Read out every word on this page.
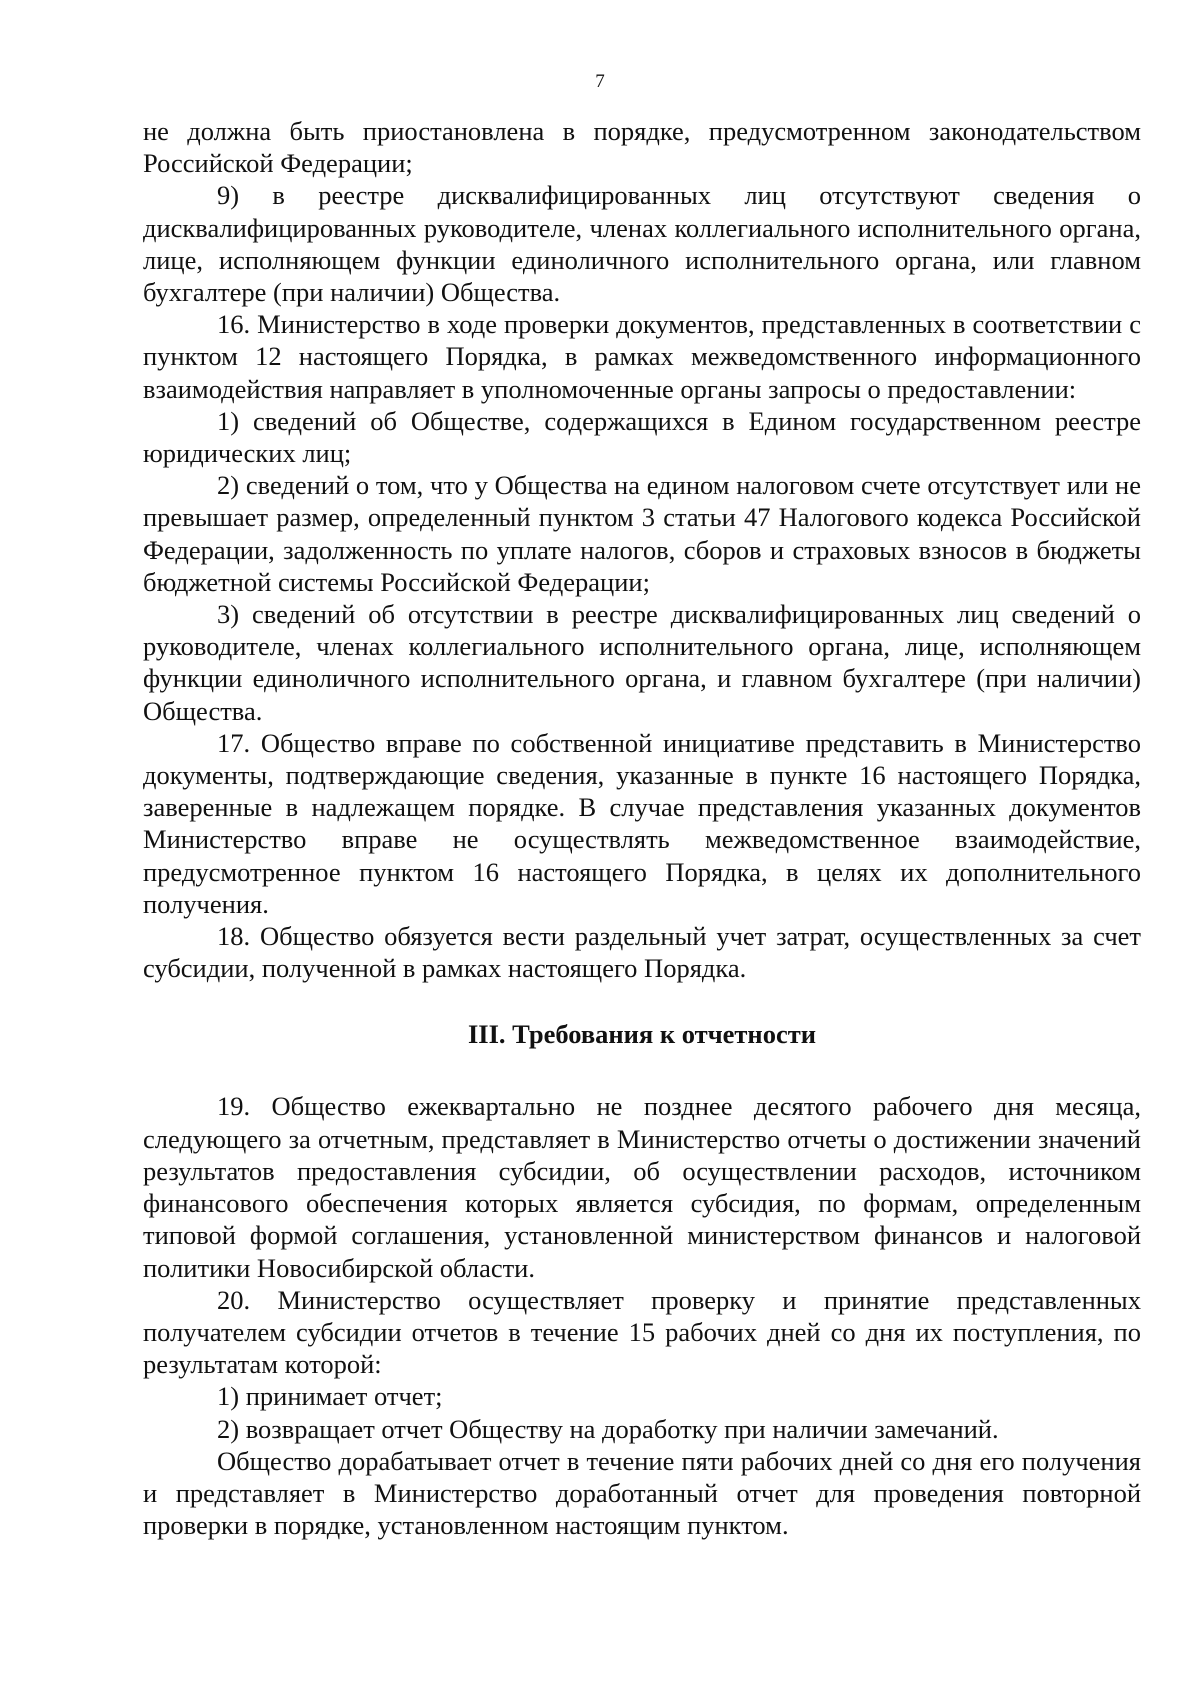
7

не должна быть приостановлена в порядке, предусмотренном законодательством Российской Федерации;

9) в реестре дисквалифицированных лиц отсутствуют сведения о дисквалифицированных руководителе, членах коллегиального исполнительного органа, лице, исполняющем функции единоличного исполнительного органа, или главном бухгалтере (при наличии) Общества.

16. Министерство в ходе проверки документов, представленных в соответствии с пунктом 12 настоящего Порядка, в рамках межведомственного информационного взаимодействия направляет в уполномоченные органы запросы о предоставлении:

1) сведений об Обществе, содержащихся в Едином государственном реестре юридических лиц;

2) сведений о том, что у Общества на едином налоговом счете отсутствует или не превышает размер, определенный пунктом 3 статьи 47 Налогового кодекса Российской Федерации, задолженность по уплате налогов, сборов и страховых взносов в бюджеты бюджетной системы Российской Федерации;

3) сведений об отсутствии в реестре дисквалифицированных лиц сведений о руководителе, членах коллегиального исполнительного органа, лице, исполняющем функции единоличного исполнительного органа, и главном бухгалтере (при наличии) Общества.

17. Общество вправе по собственной инициативе представить в Министерство документы, подтверждающие сведения, указанные в пункте 16 настоящего Порядка, заверенные в надлежащем порядке. В случае представления указанных документов Министерство вправе не осуществлять межведомственное взаимодействие, предусмотренное пунктом 16 настоящего Порядка, в целях их дополнительного получения.

18. Общество обязуется вести раздельный учет затрат, осуществленных за счет субсидии, полученной в рамках настоящего Порядка.

III. Требования к отчетности

19. Общество ежеквартально не позднее десятого рабочего дня месяца, следующего за отчетным, представляет в Министерство отчеты о достижении значений результатов предоставления субсидии, об осуществлении расходов, источником финансового обеспечения которых является субсидия, по формам, определенным типовой формой соглашения, установленной министерством финансов и налоговой политики Новосибирской области.

20. Министерство осуществляет проверку и принятие представленных получателем субсидии отчетов в течение 15 рабочих дней со дня их поступления, по результатам которой:

1) принимает отчет;

2) возвращает отчет Обществу на доработку при наличии замечаний.

Общество дорабатывает отчет в течение пяти рабочих дней со дня его получения и представляет в Министерство доработанный отчет для проведения повторной проверки в порядке, установленном настоящим пунктом.
